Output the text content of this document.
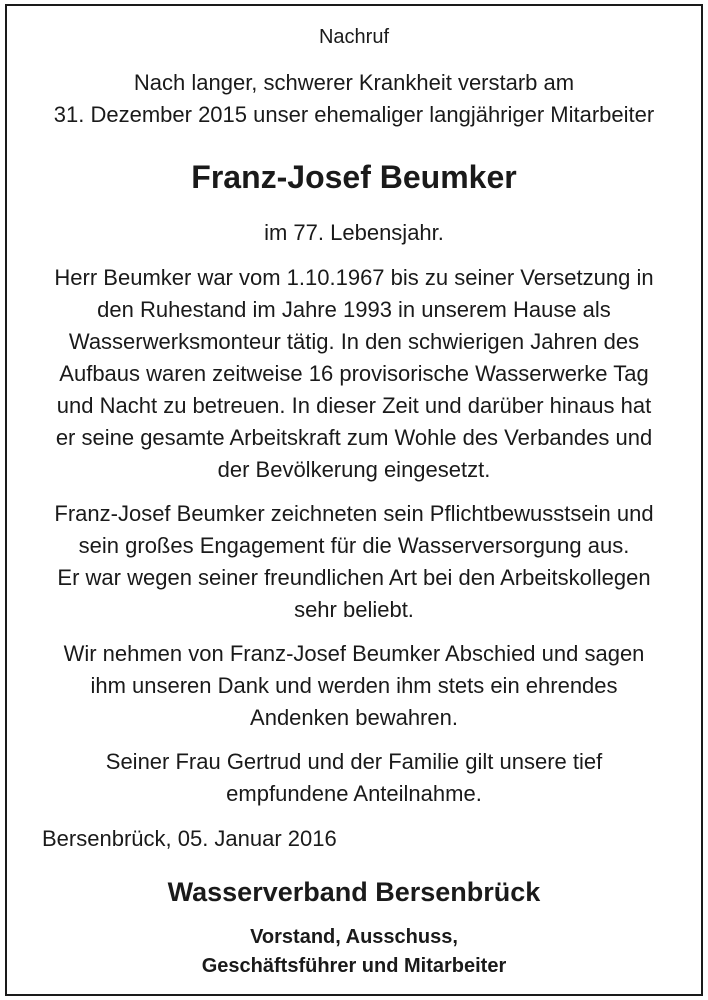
Nachruf
Nach langer, schwerer Krankheit verstarb am
31. Dezember 2015 unser ehemaliger langjähriger Mitarbeiter
Franz-Josef Beumker
im 77. Lebensjahr.
Herr Beumker war vom 1.10.1967 bis zu seiner Versetzung in
den Ruhestand im Jahre 1993 in unserem Hause als
Wasserwerksmonteur tätig. In den schwierigen Jahren des
Aufbaus waren zeitweise 16 provisorische Wasserwerke Tag
und Nacht zu betreuen. In dieser Zeit und darüber hinaus hat
er seine gesamte Arbeitskraft zum Wohle des Verbandes und
der Bevölkerung eingesetzt.
Franz-Josef Beumker zeichneten sein Pflichtbewusstsein und
sein großes Engagement für die Wasserversorgung aus.
Er war wegen seiner freundlichen Art bei den Arbeitskollegen
sehr beliebt.
Wir nehmen von Franz-Josef Beumker Abschied und sagen
ihm unseren Dank und werden ihm stets ein ehrendes
Andenken bewahren.
Seiner Frau Gertrud und der Familie gilt unsere tief
empfundene Anteilnahme.
Bersenbrück, 05. Januar 2016
Wasserverband Bersenbrück
Vorstand, Ausschuss,
Geschäftsführer und Mitarbeiter
